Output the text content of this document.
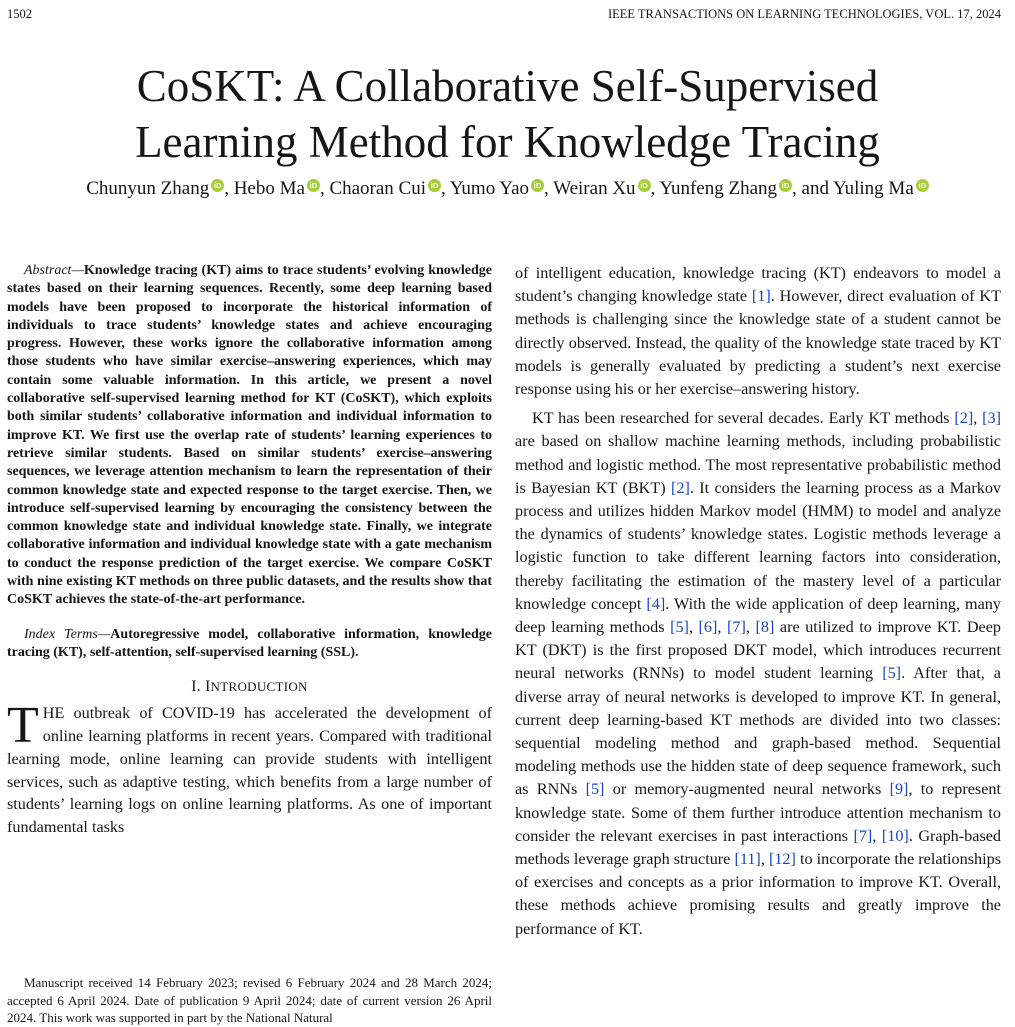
1502	IEEE TRANSACTIONS ON LEARNING TECHNOLOGIES, VOL. 17, 2024
CoSKT: A Collaborative Self-Supervised
Learning Method for Knowledge Tracing
Chunyun Zhang iD , Hebo Ma iD , Chaoran Cui iD , Yumo Yao iD , Weiran Xu iD , Yunfeng Zhang iD , and Yuling Ma iD

Abstract—Knowledge tracing (KT) aims to trace students’ evolving knowledge states based on their learning sequences. Recently, some deep learning based models have been proposed to incorporate the historical information of individuals to trace students’ knowledge states and achieve encouraging progress. However, these works ignore the collaborative information among those students who have similar exercise–answering experiences, which may contain some valuable information. In this article, we present a novel collaborative self-supervised learning method for KT (CoSKT), which exploits both similar students’ collaborative information and individual information to improve KT. We first use the overlap rate of students’ learning experiences to retrieve similar students. Based on similar students’ exercise–answering sequences, we leverage attention mechanism to learn the representation of their common knowledge state and expected response to the target exercise. Then, we introduce self-supervised learning by encouraging the consistency between the common knowledge state and individual knowledge state. Finally, we integrate collaborative information and individual knowledge state with a gate mechanism to conduct the response prediction of the target exercise. We compare CoSKT with nine existing KT methods on three public datasets, and the results show that CoSKT achieves the state-of-the-art performance.

Index Terms—Autoregressive model, collaborative information, knowledge tracing (KT), self-attention, self-supervised learning (SSL).

I. INTRODUCTION

THE outbreak of COVID-19 has accelerated the development of online learning platforms in recent years. Compared with traditional learning mode, online learning can provide students with intelligent services, such as adaptive testing, which benefits from a large number of students’ learning logs on online learning platforms. As one of important fundamental tasks

Manuscript received 14 February 2023; revised 6 February 2024 and 28 March 2024; accepted 6 April 2024. Date of publication 9 April 2024; date of current version 26 April 2024. This work was supported in part by the National Natural

of intelligent education, knowledge tracing (KT) endeavors to model a student’s changing knowledge state [1]. However, direct evaluation of KT methods is challenging since the knowledge state of a student cannot be directly observed. Instead, the quality of the knowledge state traced by KT models is generally evaluated by predicting a student’s next exercise response using his or her exercise–answering history.

KT has been researched for several decades. Early KT methods [2], [3] are based on shallow machine learning methods, including probabilistic method and logistic method. The most representative probabilistic method is Bayesian KT (BKT) [2]. It considers the learning process as a Markov process and utilizes hidden Markov model (HMM) to model and analyze the dynamics of students’ knowledge states. Logistic methods leverage a logistic function to take different learning factors into consideration, thereby facilitating the estimation of the mastery level of a particular knowledge concept [4]. With the wide application of deep learning, many deep learning methods [5], [6], [7], [8] are utilized to improve KT. Deep KT (DKT) is the first proposed DKT model, which introduces recurrent neural networks (RNNs) to model student learning [5]. After that, a diverse array of neural networks is developed to improve KT. In general, current deep learning-based KT methods are divided into two classes: sequential modeling method and graph-based method. Sequential modeling methods use the hidden state of deep sequence framework, such as RNNs [5] or memory-augmented neural networks [9], to represent knowledge state. Some of them further introduce attention mechanism to consider the relevant exercises in past interactions [7], [10]. Graph-based methods leverage graph structure [11], [12] to incorporate the relationships of exercises and concepts as a prior information to improve KT. Overall, these methods achieve promising results and greatly improve the performance of KT.
